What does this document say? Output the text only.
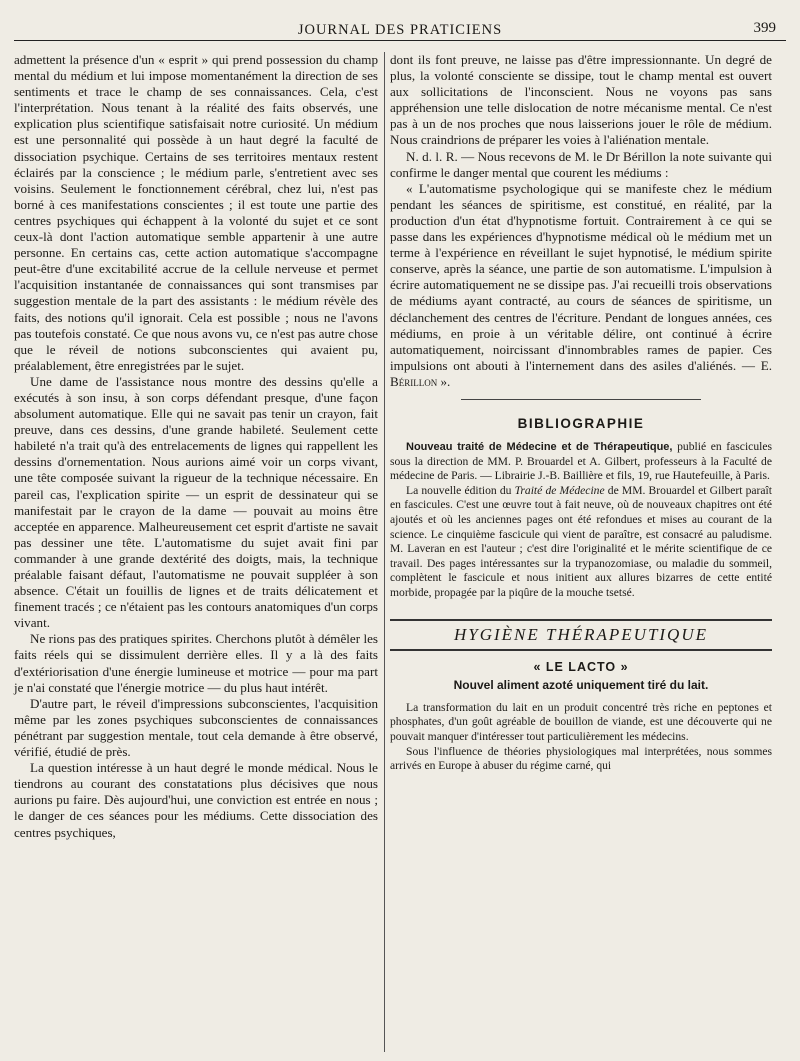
JOURNAL DES PRATICIENS	399

admettent la présence d'un « esprit » qui prend possession du champ mental du médium et lui impose momentanément la direction de ses sentiments et trace le champ de ses connaissances. Cela, c'est l'interprétation. Nous tenant à la réalité des faits observés, une explication plus scientifique satisfaisait notre curiosité. Un médium est une personnalité qui possède à un haut degré la faculté de dissociation psychique. Certains de ses territoires mentaux restent éclairés par la conscience ; le médium parle, s'entretient avec ses voisins. Seulement le fonctionnement cérébral, chez lui, n'est pas borné à ces manifestations conscientes ; il est toute une partie des centres psychiques qui échappent à la volonté du sujet et ce sont ceux-là dont l'action automatique semble appartenir à une autre personne. En certains cas, cette action automatique s'accompagne peut-être d'une excitabilité accrue de la cellule nerveuse et permet l'acquisition instantanée de connaissances qui sont transmises par suggestion mentale de la part des assistants : le médium révèle des faits, des notions qu'il ignorait. Cela est possible ; nous ne l'avons pas toutefois constaté. Ce que nous avons vu, ce n'est pas autre chose que le réveil de notions subconscientes qui avaient pu, préalablement, être enregistrées par le sujet.

Une dame de l'assistance nous montre des dessins qu'elle a exécutés à son insu, à son corps défendant presque, d'une façon absolument automatique. Elle qui ne savait pas tenir un crayon, fait preuve, dans ces dessins, d'une grande habileté. Seulement cette habileté n'a trait qu'à des entrelacements de lignes qui rappellent les dessins d'ornementation. Nous aurions aimé voir un corps vivant, une tête composée suivant la rigueur de la technique nécessaire. En pareil cas, l'explication spirite — un esprit de dessinateur qui se manifestait par le crayon de la dame — pouvait au moins être acceptée en apparence. Malheureusement cet esprit d'artiste ne savait pas dessiner une tête. L'automatisme du sujet avait fini par commander à une grande dextérité des doigts, mais, la technique préalable faisant défaut, l'automatisme ne pouvait suppléer à son absence. C'était un fouillis de lignes et de traits délicatement et finement tracés ; ce n'étaient pas les contours anatomiques d'un corps vivant.

Ne rions pas des pratiques spirites. Cherchons plutôt à démêler les faits réels qui se dissimulent derrière elles. Il y a là des faits d'extériorisation d'une énergie lumineuse et motrice — pour ma part je n'ai constaté que l'énergie motrice — du plus haut intérêt.

D'autre part, le réveil d'impressions subconscientes, l'acquisition même par les zones psychiques subconscientes de connaissances pénétrant par suggestion mentale, tout cela demande à être observé, vérifié, étudié de près.

La question intéresse à un haut degré le monde médical. Nous le tiendrons au courant des constatations plus décisives que nous aurions pu faire. Dès aujourd'hui, une conviction est entrée en nous ; le danger de ces séances pour les médiums. Cette dissociation des centres psychiques,

dont ils font preuve, ne laisse pas d'être impressionnante. Un degré de plus, la volonté consciente se dissipe, tout le champ mental est ouvert aux sollicitations de l'inconscient. Nous ne voyons pas sans appréhension une telle dislocation de notre mécanisme mental. Ce n'est pas à un de nos proches que nous laisserions jouer le rôle de médium. Nous craindrions de préparer les voies à l'aliénation mentale.

N. d. l. R. — Nous recevons de M. le Dr Bérillon la note suivante qui confirme le danger mental que courent les médiums :

« L'automatisme psychologique qui se manifeste chez le médium pendant les séances de spiritisme, est constitué, en réalité, par la production d'un état d'hypnotisme fortuit. Contrairement à ce qui se passe dans les expériences d'hypnotisme médical où le médium met un terme à l'expérience en réveillant le sujet hypnotisé, le médium spirite conserve, après la séance, une partie de son automatisme. L'impulsion à écrire automatiquement ne se dissipe pas. J'ai recueilli trois observations de médiums ayant contracté, au cours de séances de spiritisme, un déclanchement des centres de l'écriture. Pendant de longues années, ces médiums, en proie à un véritable délire, ont continué à écrire automatiquement, noircissant d'innombrables rames de papier. Ces impulsions ont abouti à l'internement dans des asiles d'aliénés. — E. Bérillon ».

BIBLIOGRAPHIE

Nouveau traité de Médecine et de Thérapeutique, publié en fascicules sous la direction de MM. P. Brouardel et A. Gilbert, professeurs à la Faculté de médecine de Paris. — Librairie J.-B. Baillière et fils, 19, rue Hautefeuille, à Paris.

La nouvelle édition du Traité de Médecine de MM. Brouardel et Gilbert paraît en fascicules. C'est une œuvre tout à fait neuve, où de nouveaux chapitres ont été ajoutés et où les anciennes pages ont été refondues et mises au courant de la science. Le cinquième fascicule qui vient de paraître, est consacré au paludisme. M. Laveran en est l'auteur ; c'est dire l'originalité et le mérite scientifique de ce travail. Des pages intéressantes sur la trypanozomiase, ou maladie du sommeil, complètent le fascicule et nous initient aux allures bizarres de cette entité morbide, propagée par la piqûre de la mouche tsetsé.

HYGIÈNE THÉRAPEUTIQUE
« LE LACTO »
Nouvel aliment azoté uniquement tiré du lait.

La transformation du lait en un produit concentré très riche en peptones et phosphates, d'un goût agréable de bouillon de viande, est une découverte qui ne pouvait manquer d'intéresser tout particulièrement les médecins.

Sous l'influence de théories physiologiques mal interprétées, nous sommes arrivés en Europe à abuser du régime carné, qui
